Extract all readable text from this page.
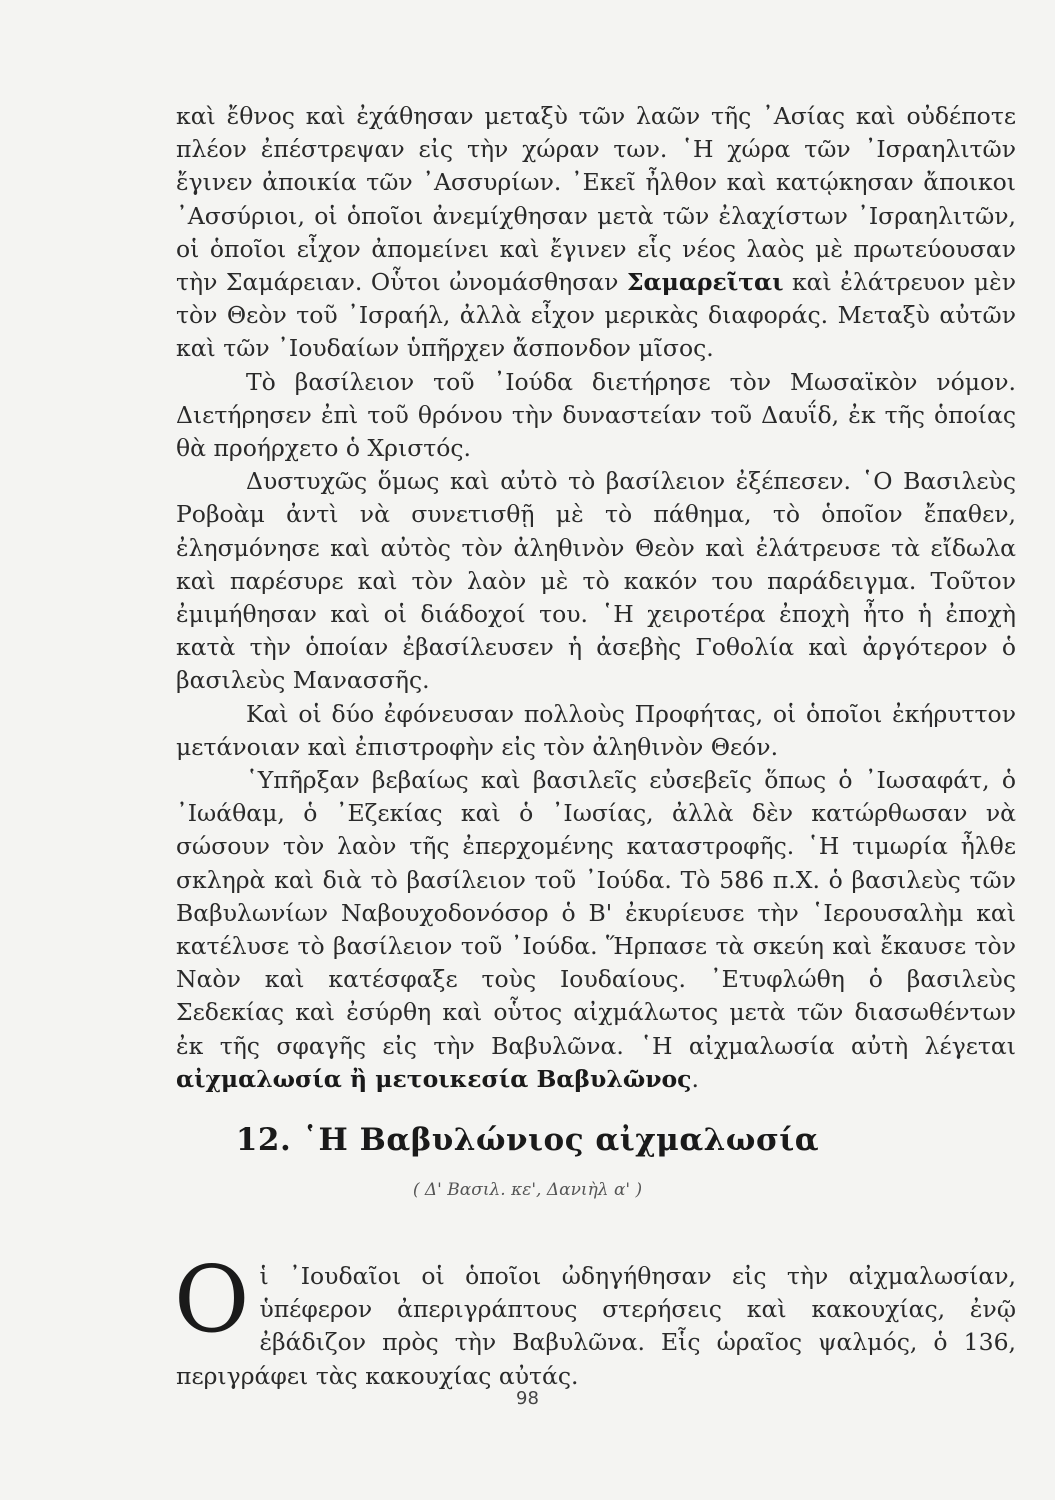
καὶ ἔθνος καὶ ἐχάθησαν μεταξὺ τῶν λαῶν τῆς ᾿Ασίας καὶ οὐδέποτε πλέον ἐπέστρεψαν εἰς τὴν χώραν των. ῾Η χώρα τῶν ᾿Ισραηλιτῶν ἔγινεν ἀποικία τῶν ᾿Ασσυρίων. ᾿Εκεῖ ἦλθον καὶ κατῴκησαν ἄποικοι ᾿Ασσύριοι, οἱ ὁποῖοι ἀνεμίχθησαν μετὰ τῶν ἐλαχίστων ᾿Ισραηλιτῶν, οἱ ὁποῖοι εἶχον ἀπομείνει καὶ ἔγινεν εἷς νέος λαὸς μὲ πρωτεύουσαν τὴν Σαμάρειαν. Οὗτοι ὠνομάσθησαν Σαμαρεῖται καὶ ἐλάτρευον μὲν τὸν Θεὸν τοῦ ᾿Ισραήλ, ἀλλὰ εἶχον μερικὰς διαφοράς. Μεταξὺ αὐτῶν καὶ τῶν ᾿Ιουδαίων ὑπῆρχεν ἄσπονδον μῖσος.

Τὸ βασίλειον τοῦ ᾿Ιούδα διετήρησε τὸν Μωσαϊκὸν νόμον. Διετήρησεν ἐπὶ τοῦ θρόνου τὴν δυναστείαν τοῦ Δαυΐδ, ἐκ τῆς ὁποίας θὰ προήρχετο ὁ Χριστός.

Δυστυχῶς ὅμως καὶ αὐτὸ τὸ βασίλειον ἐξέπεσεν. ῾Ο Βασιλεὺς Ροβοὰμ ἀντὶ νὰ συνετισθῇ μὲ τὸ πάθημα, τὸ ὁποῖον ἔπαθεν, ἐλησμόνησε καὶ αὐτὸς τὸν ἀληθινὸν Θεὸν καὶ ἐλάτρευσε τὰ εἴδωλα καὶ παρέσυρε καὶ τὸν λαὸν μὲ τὸ κακόν του παράδειγμα. Τοῦτον ἐμιμήθησαν καὶ οἱ διάδοχοί του. ῾Η χειροτέρα ἐποχὴ ἦτο ἡ ἐποχὴ κατὰ τὴν ὁποίαν ἐβασίλευσεν ἡ ἀσεβὴς Γοθολία καὶ ἀργότερον ὁ βασιλεὺς Μανασσῆς.

Καὶ οἱ δύο ἐφόνευσαν πολλοὺς Προφήτας, οἱ ὁποῖοι ἐκήρυττον μετάνοιαν καὶ ἐπιστροφὴν εἰς τὸν ἀληθινὸν Θεόν.

῾Υπῆρξαν βεβαίως καὶ βασιλεῖς εὐσεβεῖς ὅπως ὁ ᾿Ιωσαφάτ, ὁ ᾿Ιωάθαμ, ὁ ᾿Εζεκίας καὶ ὁ ᾿Ιωσίας, ἀλλὰ δὲν κατώρθωσαν νὰ σώσουν τὸν λαὸν τῆς ἐπερχομένης καταστροφῆς. ῾Η τιμωρία ἦλθε σκληρὰ καὶ διὰ τὸ βασίλειον τοῦ ᾿Ιούδα. Τὸ 586 π.Χ. ὁ βασιλεὺς τῶν Βαβυλωνίων Ναβουχοδονόσορ ὁ Β' ἐκυρίευσε τὴν ῾Ιερουσαλὴμ καὶ κατέλυσε τὸ βασίλειον τοῦ ᾿Ιούδα. Ἥρπασε τὰ σκεύη καὶ ἔκαυσε τὸν Ναὸν καὶ κατέσφαξε τοὺς Ιουδαίους. ᾿Ετυφλώθη ὁ βασιλεὺς Σεδεκίας καὶ ἐσύρθη καὶ οὗτος αἰχμάλωτος μετὰ τῶν διασωθέντων ἐκ τῆς σφαγῆς εἰς τὴν Βαβυλῶνα. ῾Η αἰχμαλωσία αὐτὴ λέγεται αἰχμαλωσία ἢ μετοικεσία Βαβυλῶνος.

12. ῾Η Βαβυλώνιος αἰχμαλωσία
( Δ' Βασιλ. κε', Δανιὴλ α' )
O ἱ ᾿Ιουδαῖοι οἱ ὁποῖοι ὠδηγήθησαν εἰς τὴν αἰχμαλωσίαν, ὑπέφερον ἀπεριγράπτους στερήσεις καὶ κακουχίας, ἐνῷ ἐβάδιζον πρὸς τὴν Βαβυλῶνα. Εἷς ὡραῖος ψαλμός, ὁ 136, περιγράφει τὰς κακουχίας αὐτάς.
98
